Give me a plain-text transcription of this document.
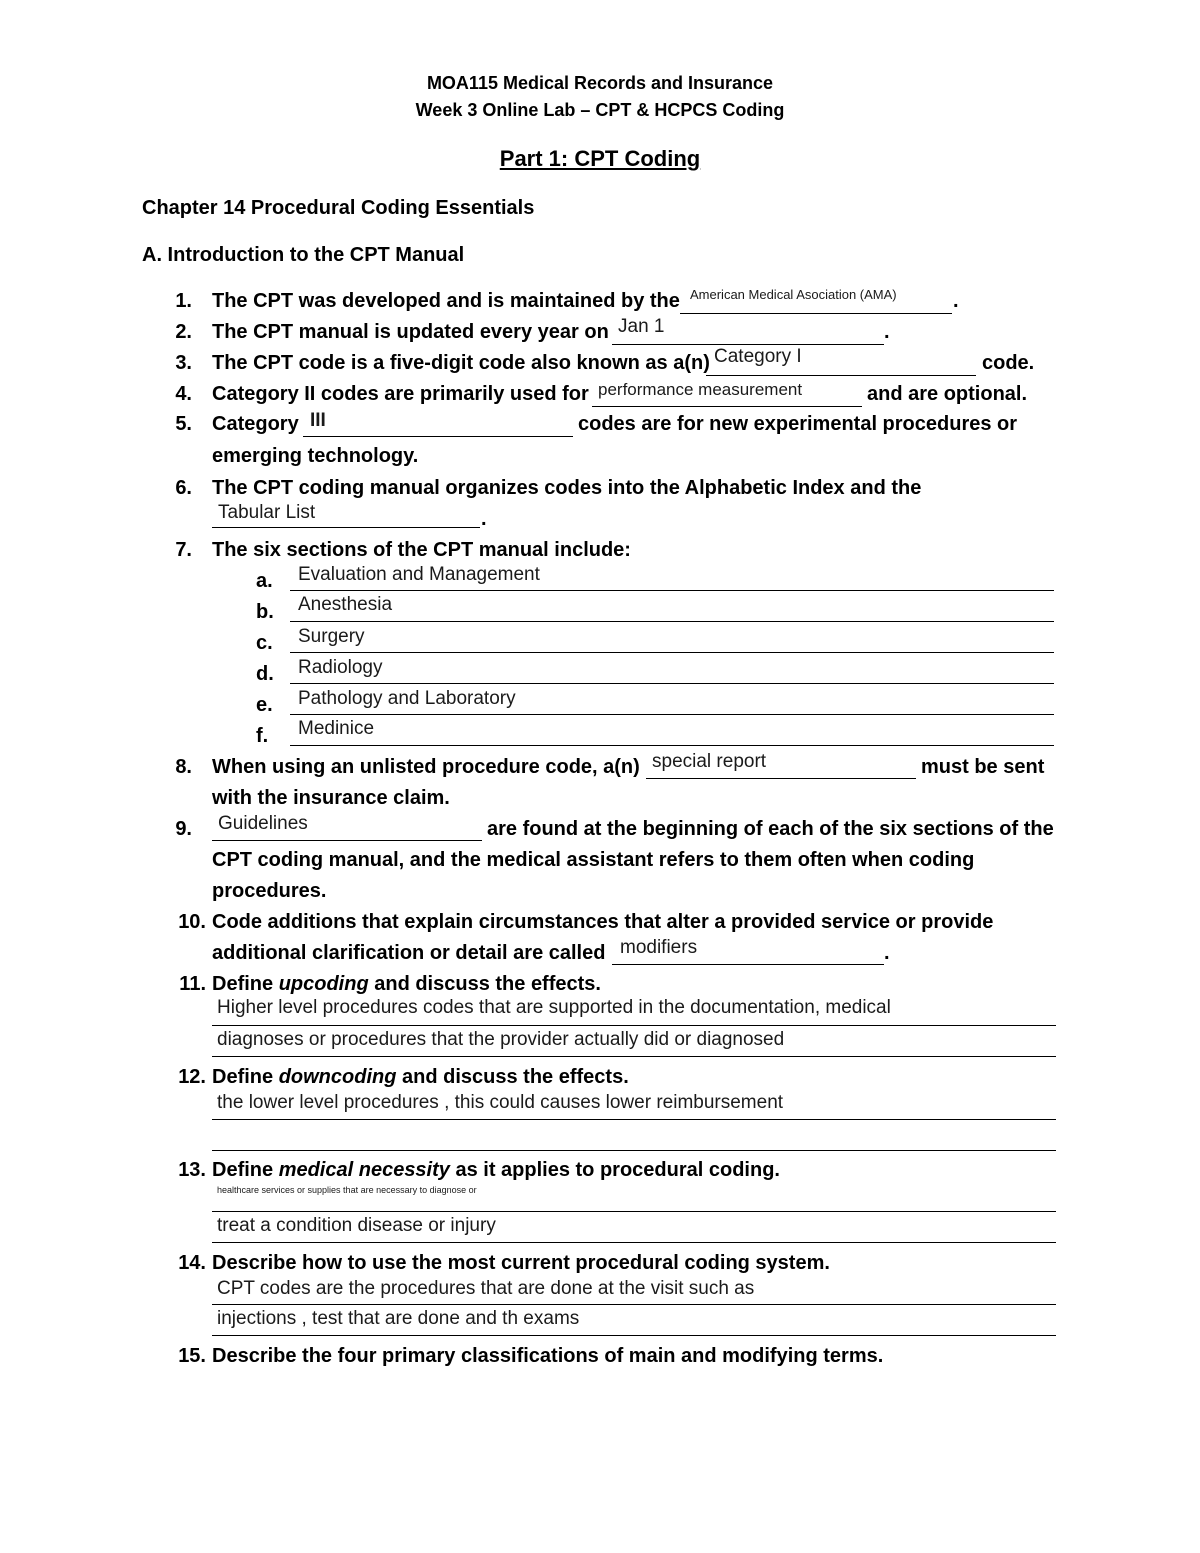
MOA115 Medical Records and Insurance
Week 3 Online Lab – CPT & HCPCS Coding
Part 1: CPT Coding
Chapter 14 Procedural Coding Essentials
A. Introduction to the CPT Manual
1. The CPT was developed and is maintained by the American Medical Asociation (AMA)	.
2. The CPT manual is updated every year on Jan 1	.
3. The CPT code is a five-digit code also known as a(n) Category I	code.
4. Category II codes are primarily used for performance measurement	and are optional.
5. Category III	codes are for new experimental procedures or
emerging technology.
6. The CPT coding manual organizes codes into the Alphabetic Index and the
Tabular List	.
7. The six sections of the CPT manual include:
a. Evaluation and Management
b. Anesthesia
c. Surgery
d. Radiology
e. Pathology and Laboratory
f. Medinice
8. When using an unlisted procedure code, a(n) special report	must be sent
with the insurance claim.
9. Guidelines	are found at the beginning of each of the six sections of the
CPT coding manual, and the medical assistant refers to them often when coding
procedures.
10. Code additions that explain circumstances that alter a provided service or provide
additional clarification or detail are called modifiers	.
11. Define upcoding and discuss the effects.
Higher level procedures codes that are supported in the documentation, medical
diagnoses or procedures that the provider actually did or diagnosed
12. Define downcoding and discuss the effects.
the lower level procedures , this could causes lower reimbursement
13. Define medical necessity as it applies to procedural coding.
healthcare services or supplies that are necessary to diagnose or
treat a condition disease or injury
14. Describe how to use the most current procedural coding system.
CPT codes are the procedures that are done at the visit such as
injections , test that are done and th exams
15. Describe the four primary classifications of main and modifying terms.
